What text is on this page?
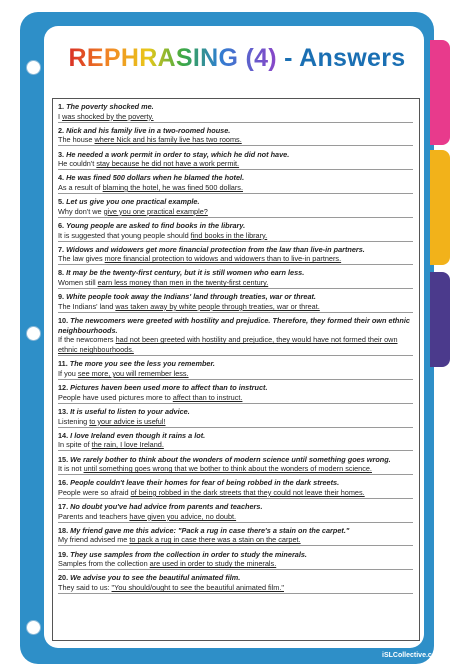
REPHRASING (4) - Answers
1. The poverty shocked me.
I was shocked by the poverty.
2. Nick and his family live in a two-roomed house.
The house where Nick and his family live has two rooms.
3. He needed a work permit in order to stay, which he did not have.
He couldn't stay because he did not have a work permit.
4. He was fined 500 dollars when he blamed the hotel.
As a result of blaming the hotel, he was fined 500 dollars.
5. Let us give you one practical example.
Why don't we give you one practical example?
6. Young people are asked to find books in the library.
It is suggested that young people should find books in the library.
7. Widows and widowers get more financial protection from the law than live-in partners.
The law gives more financial protection to widows and widowers than to live-in partners.
8. It may be the twenty-first century, but it is still women who earn less.
Women still earn less money than men in the twenty-first century.
9. White people took away the Indians' land through treaties, war or threat.
The Indians' land was taken away by white people through treaties, war or threat.
10. The newcomers were greeted with hostility and prejudice. Therefore, they formed their own ethnic neighbourhoods.
If the newcomers had not been greeted with hostility and prejudice, they would have not formed their own ethnic neighbourhoods.
11. The more you see the less you remember.
If you see more, you will remember less.
12. Pictures haven been used more to affect than to instruct.
People have used pictures more to affect than to instruct.
13. It is useful to listen to your advice.
Listening to your advice is useful!
14. I love Ireland even though it rains a lot.
In spite of the rain, I love Ireland.
15. We rarely bother to think about the wonders of modern science until something goes wrong.
It is not until something goes wrong that we bother to think about the wonders of modern science.
16. People couldn't leave their homes for fear of being robbed in the dark streets.
People were so afraid of being robbed in the dark streets that they could not leave their homes.
17. No doubt you've had advice from parents and teachers.
Parents and teachers have given you advice, no doubt.
18. My friend gave me this advice: "Pack a rug in case there's a stain on the carpet."
My friend advised me to pack a rug in case there was a stain on the carpet.
19. They use samples from the collection in order to study the minerals.
Samples from the collection are used in order to study the minerals.
20. We advise you to see the beautiful animated film.
They said to us: "You should/ought to see the beautiful animated film."
iSLCollective.com
